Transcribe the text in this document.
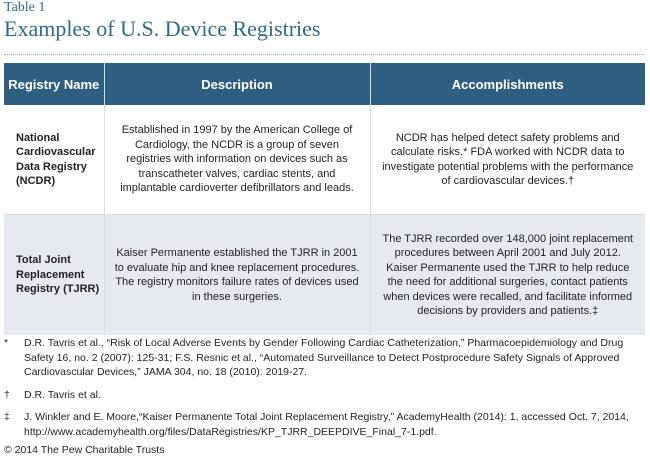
Table 1
Examples of U.S. Device Registries
Registry Name	Description	Accomplishments
National Cardiovascular Data Registry (NCDR)	Established in 1997 by the American College of Cardiology, the NCDR is a group of seven registries with information on devices such as transcatheter valves, cardiac stents, and implantable cardioverter defibrillators and leads.	NCDR has helped detect safety problems and calculate risks.* FDA worked with NCDR data to investigate potential problems with the performance of cardiovascular devices.†
Total Joint Replacement Registry (TJRR)	Kaiser Permanente established the TJRR in 2001 to evaluate hip and knee replacement procedures. The registry monitors failure rates of devices used in these surgeries.	The TJRR recorded over 148,000 joint replacement procedures between April 2001 and July 2012. Kaiser Permanente used the TJRR to help reduce the need for additional surgeries, contact patients when devices were recalled, and facilitate informed decisions by providers and patients.‡
*	D.R. Tavris et al., “Risk of Local Adverse Events by Gender Following Cardiac Catheterization,” Pharmacoepidemiology and Drug Safety 16, no. 2 (2007): 125-31; F.S. Resnic et al., “Automated Surveillance to Detect Postprocedure Safety Signals of Approved Cardiovascular Devices,” JAMA 304, no. 18 (2010): 2019-27.
†	D.R. Tavris et al.
‡	J. Winkler and E. Moore,“Kaiser Permanente Total Joint Replacement Registry,” AcademyHealth (2014): 1, accessed Oct. 7, 2014, http://www.academyhealth.org/files/DataRegistries/KP_TJRR_DEEPDIVE_Final_7-1.pdf.
© 2014 The Pew Charitable Trusts
